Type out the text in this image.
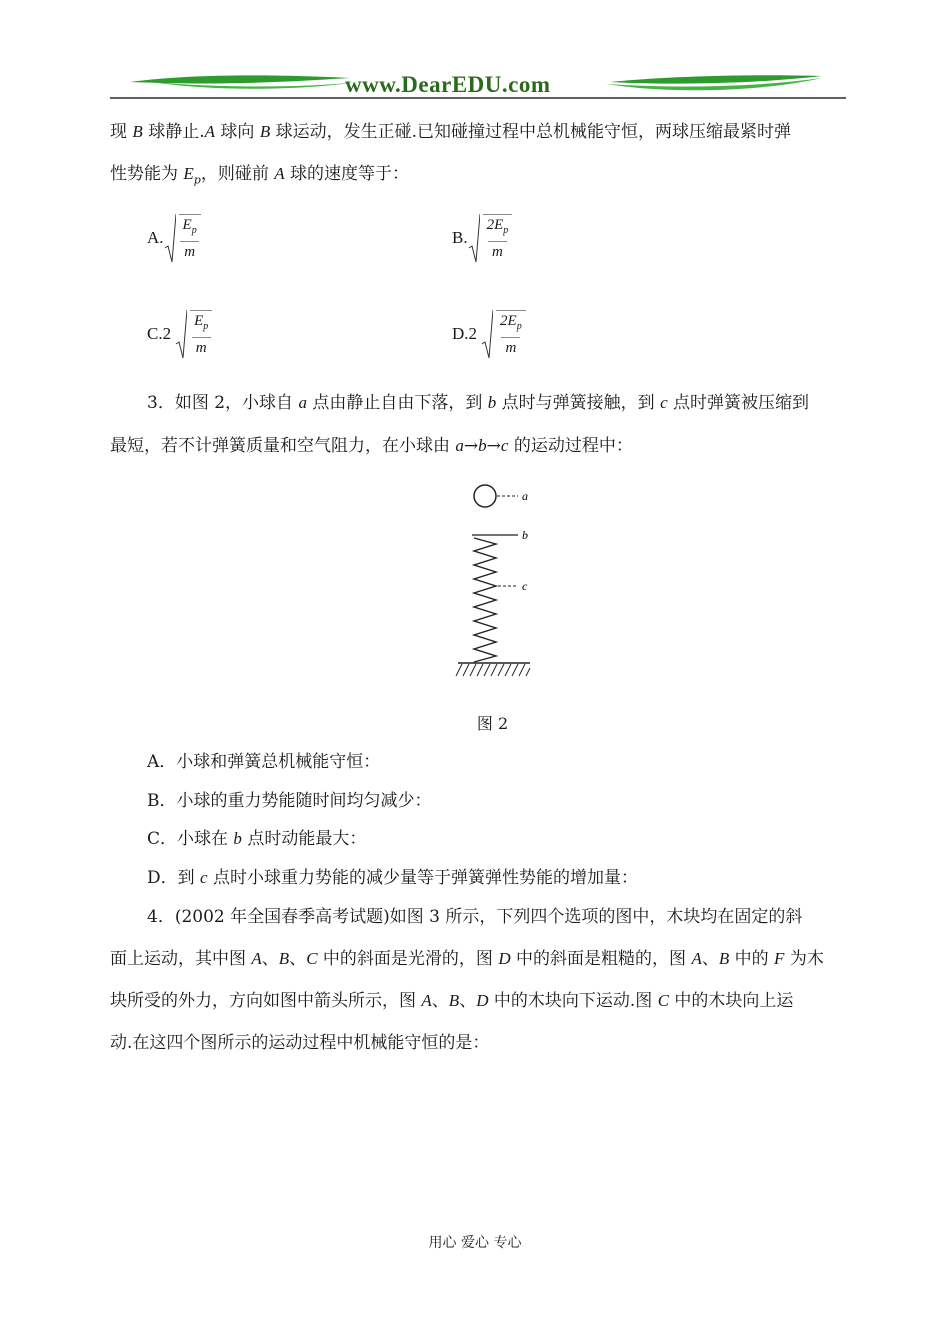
www.DearEDU.com
现 B 球静止.A 球向 B 球运动，发生正碰.已知碰撞过程中总机械能守恒，两球压缩最紧时弹
性势能为 $E_p$，则碰前 A 球的速度等于：
A. $\frac{E_p}{m}$	B. $\frac{2E_p}{m}$
$C.2 \frac{E_p}{m}$	$D.2 \frac{2E_p}{m}$
3．如图 2，小球自 a 点由静止自由下落，到 b 点时与弹簧接触，到 c 点时弹簧被压缩到
最短，若不计弹簧质量和空气阻力，在小球由 a→b→c 的运动过程中：
a
b
c
图 2
A．小球和弹簧总机械能守恒：
B．小球的重力势能随时间均匀减少：
C．小球在 b 点时动能最大：
D．到 c 点时小球重力势能的减少量等于弹簧弹性势能的增加量：
4．(2002 年全国春季高考试题)如图 3 所示，下列四个选项的图中，木块均在固定的斜
面上运动，其中图 A、B、C 中的斜面是光滑的，图 D 中的斜面是粗糙的，图 A、B 中的 F 为木
块所受的外力，方向如图中箭头所示，图 A、B、D 中的木块向下运动.图 C 中的木块向上运
动.在这四个图所示的运动过程中机械能守恒的是：
用心 爱心 专心
